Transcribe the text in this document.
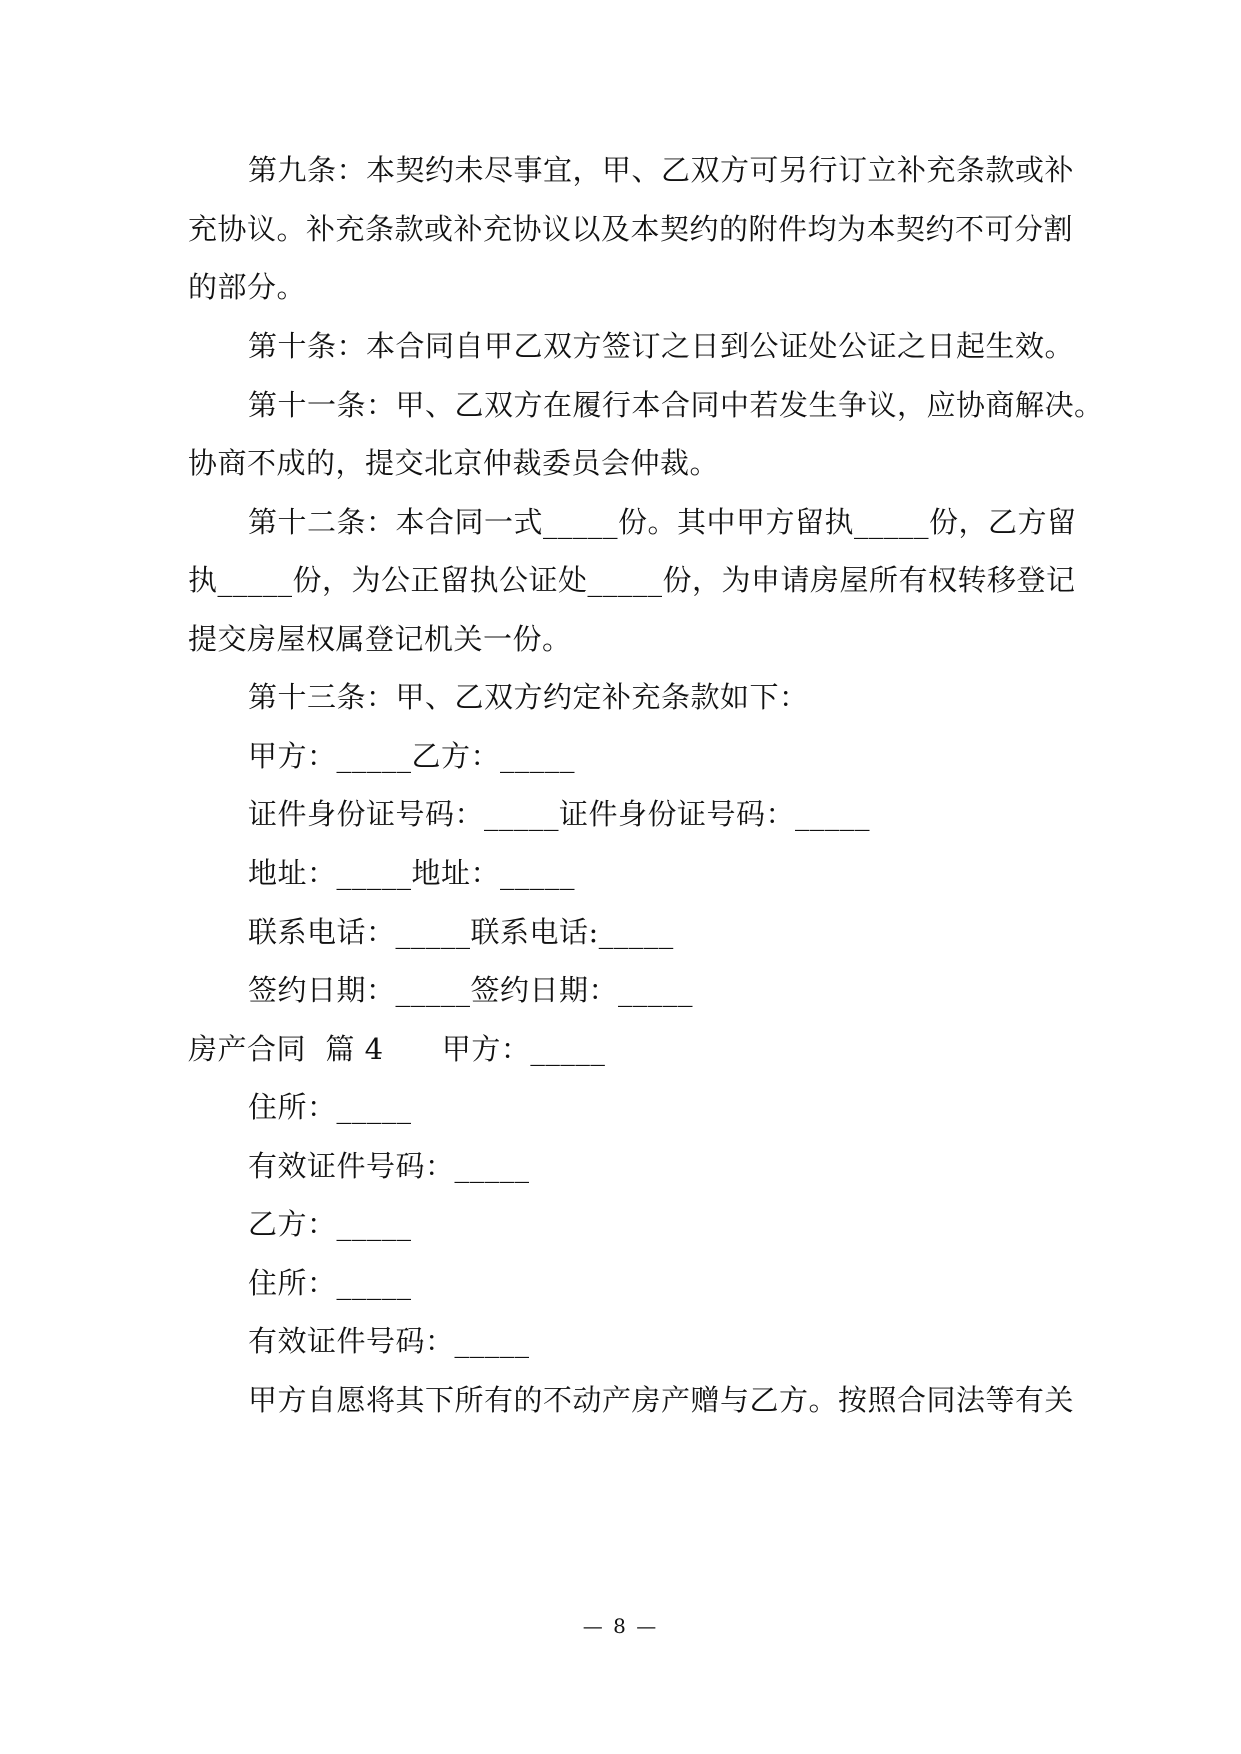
第九条：本契约未尽事宜，甲、乙双方可另行订立补充条款或补
充协议。补充条款或补充协议以及本契约的附件均为本契约不可分割
的部分。
第十条：本合同自甲乙双方签订之日到公证处公证之日起生效。
第十一条：甲、乙双方在履行本合同中若发生争议，应协商解决。
协商不成的，提交北京仲裁委员会仲裁。
第十二条：本合同一式_____份。其中甲方留执_____份，乙方留
执_____份，为公正留执公证处_____份，为申请房屋所有权转移登记
提交房屋权属登记机关一份。
第十三条：甲、乙双方约定补充条款如下：
甲方：_____乙方：_____
证件身份证号码：_____证件身份证号码：_____
地址：_____地址：_____
联系电话：_____联系电话:_____
签约日期：_____签约日期：_____
房产合同  篇 4      甲方：_____
住所：_____
有效证件号码：_____
乙方：_____
住所：_____
有效证件号码：_____
甲方自愿将其下所有的不动产房产赠与乙方。按照合同法等有关
— 8 —
